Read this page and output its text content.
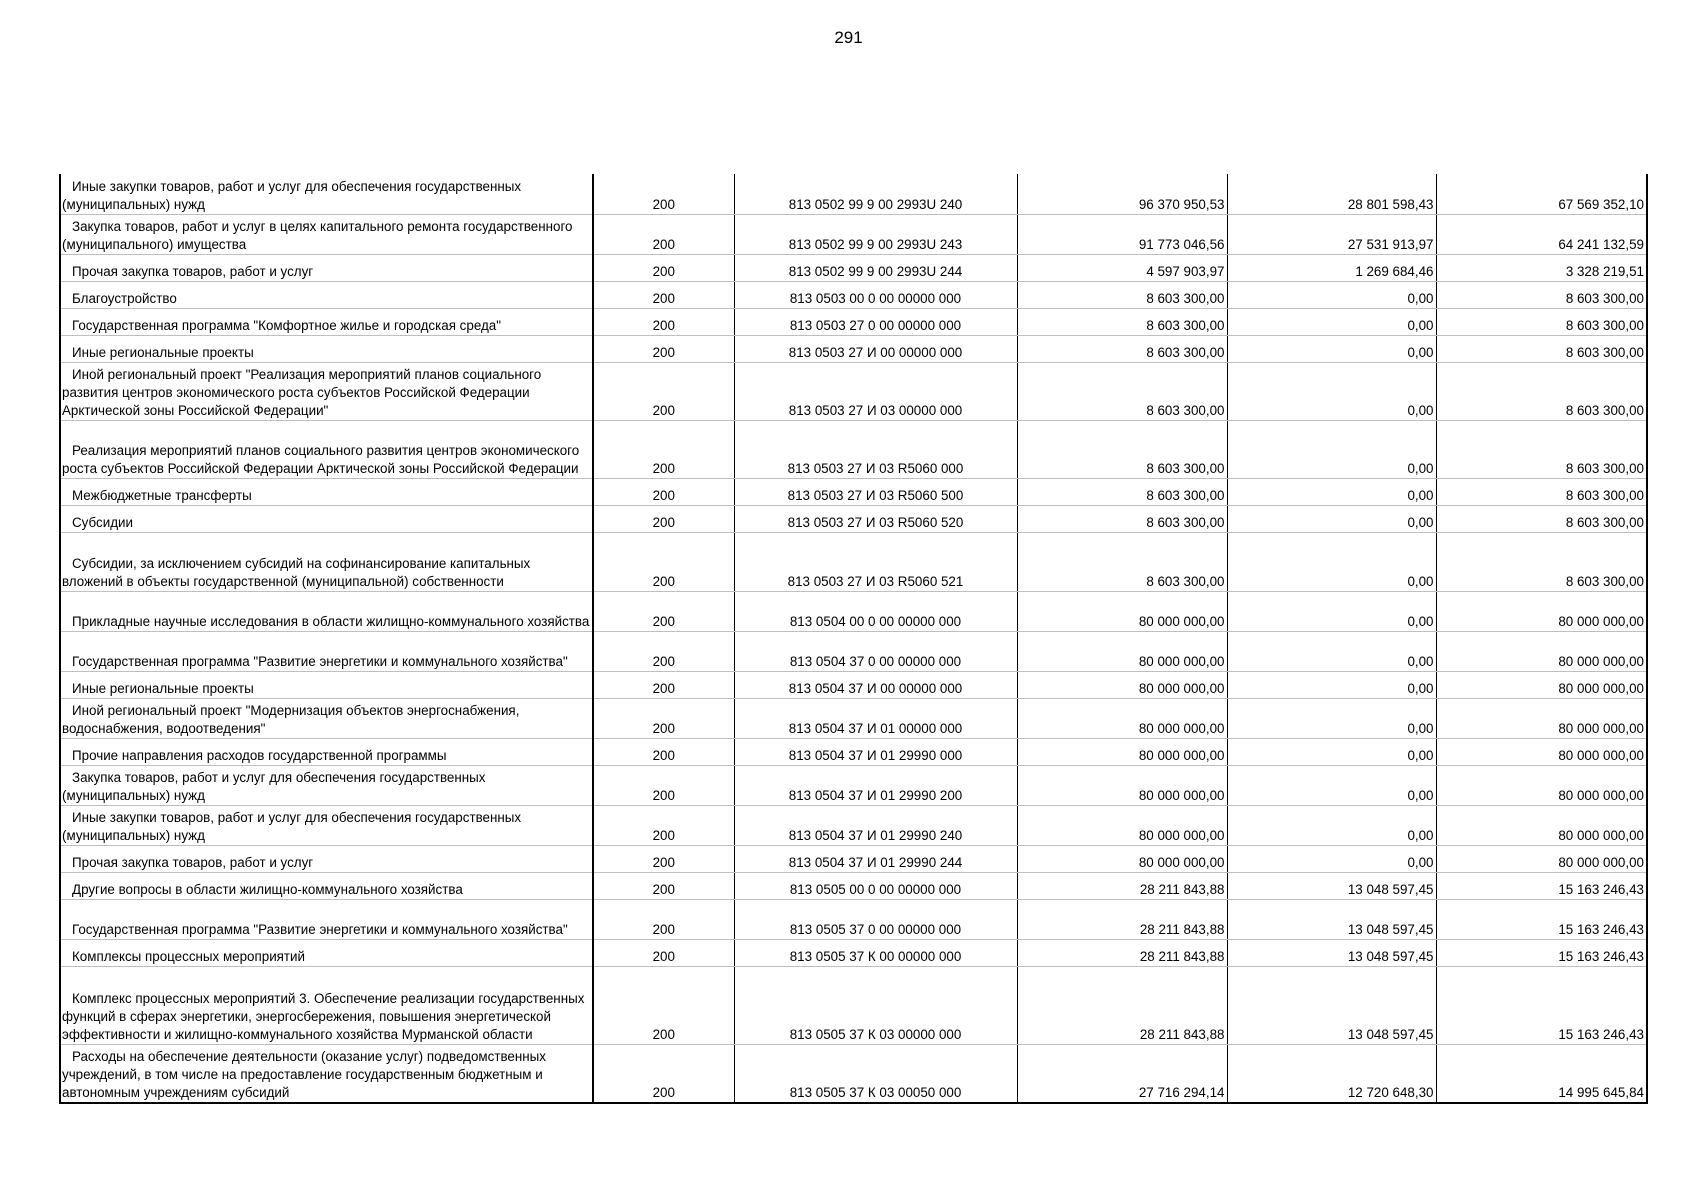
291
Иные закупки товаров, работ и услуг для обеспечения государственных (муниципальных) нужд	200	813 0502 99 9 00 2993U 240	96 370 950,53	28 801 598,43	67 569 352,10
Закупка товаров, работ и услуг в целях капитального ремонта государственного (муниципального) имущества	200	813 0502 99 9 00 2993U 243	91 773 046,56	27 531 913,97	64 241 132,59
Прочая закупка товаров, работ и услуг	200	813 0502 99 9 00 2993U 244	4 597 903,97	1 269 684,46	3 328 219,51
Благоустройство	200	813 0503 00 0 00 00000 000	8 603 300,00	0,00	8 603 300,00
Государственная программа "Комфортное жилье и городская среда"	200	813 0503 27 0 00 00000 000	8 603 300,00	0,00	8 603 300,00
Иные региональные проекты	200	813 0503 27 И 00 00000 000	8 603 300,00	0,00	8 603 300,00
Иной региональный проект "Реализация мероприятий планов социального развития центров экономического роста субъектов Российской Федерации Арктической зоны Российской Федерации"	200	813 0503 27 И 03 00000 000	8 603 300,00	0,00	8 603 300,00
Реализация мероприятий планов социального развития центров экономического роста субъектов Российской Федерации Арктической зоны Российской Федерации	200	813 0503 27 И 03 R5060 000	8 603 300,00	0,00	8 603 300,00
Межбюджетные трансферты	200	813 0503 27 И 03 R5060 500	8 603 300,00	0,00	8 603 300,00
Субсидии	200	813 0503 27 И 03 R5060 520	8 603 300,00	0,00	8 603 300,00
Субсидии, за исключением субсидий на софинансирование капитальных вложений в объекты государственной (муниципальной) собственности	200	813 0503 27 И 03 R5060 521	8 603 300,00	0,00	8 603 300,00
Прикладные научные исследования в области жилищно-коммунального хозяйства	200	813 0504 00 0 00 00000 000	80 000 000,00	0,00	80 000 000,00
Государственная программа "Развитие энергетики и коммунального хозяйства"	200	813 0504 37 0 00 00000 000	80 000 000,00	0,00	80 000 000,00
Иные региональные проекты	200	813 0504 37 И 00 00000 000	80 000 000,00	0,00	80 000 000,00
Иной региональный проект "Модернизация объектов энергоснабжения, водоснабжения, водоотведения"	200	813 0504 37 И 01 00000 000	80 000 000,00	0,00	80 000 000,00
Прочие направления расходов государственной программы	200	813 0504 37 И 01 29990 000	80 000 000,00	0,00	80 000 000,00
Закупка товаров, работ и услуг для обеспечения государственных (муниципальных) нужд	200	813 0504 37 И 01 29990 200	80 000 000,00	0,00	80 000 000,00
Иные закупки товаров, работ и услуг для обеспечения государственных (муниципальных) нужд	200	813 0504 37 И 01 29990 240	80 000 000,00	0,00	80 000 000,00
Прочая закупка товаров, работ и услуг	200	813 0504 37 И 01 29990 244	80 000 000,00	0,00	80 000 000,00
Другие вопросы в области жилищно-коммунального хозяйства	200	813 0505 00 0 00 00000 000	28 211 843,88	13 048 597,45	15 163 246,43
Государственная программа "Развитие энергетики и коммунального хозяйства"	200	813 0505 37 0 00 00000 000	28 211 843,88	13 048 597,45	15 163 246,43
Комплексы процессных мероприятий	200	813 0505 37 К 00 00000 000	28 211 843,88	13 048 597,45	15 163 246,43
Комплекс процессных мероприятий 3. Обеспечение реализации государственных функций в сферах энергетики, энергосбережения, повышения энергетической эффективности и жилищно-коммунального хозяйства Мурманской области	200	813 0505 37 К 03 00000 000	28 211 843,88	13 048 597,45	15 163 246,43
Расходы на обеспечение деятельности (оказание услуг) подведомственных учреждений, в том числе на предоставление государственным бюджетным и автономным учреждениям субсидий	200	813 0505 37 К 03 00050 000	27 716 294,14	12 720 648,30	14 995 645,84
